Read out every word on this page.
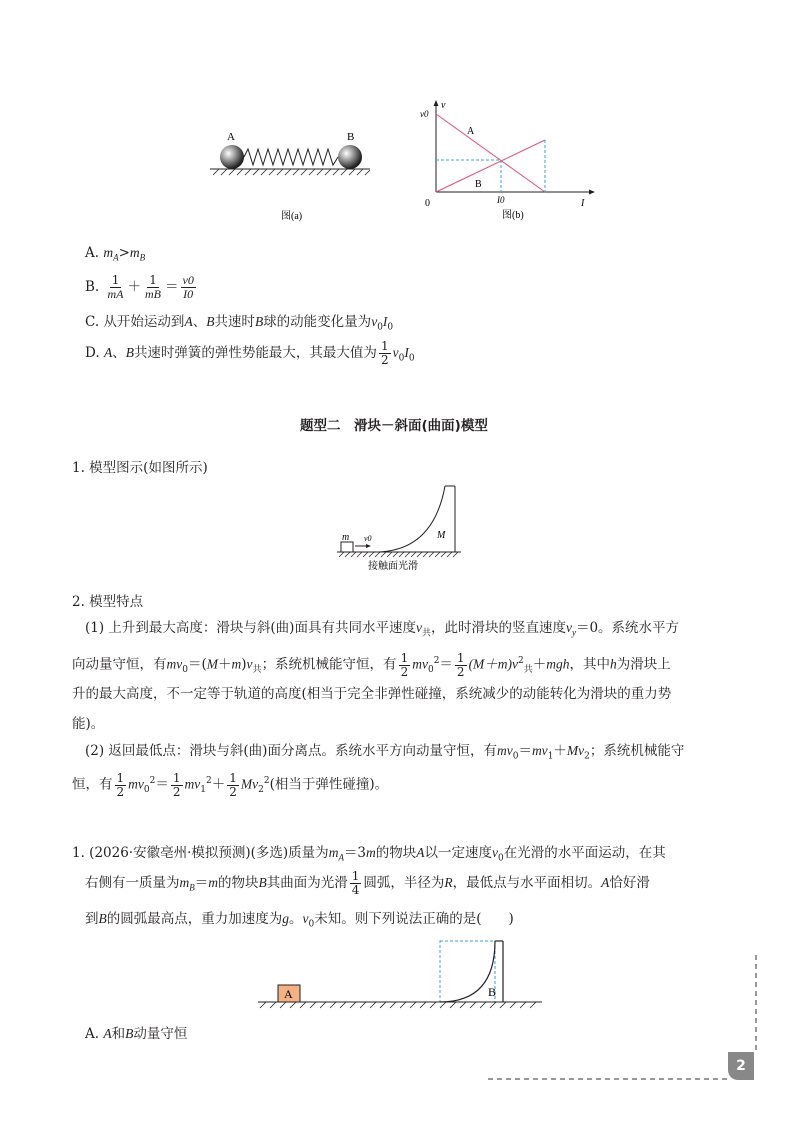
A	B
图(a)
v
v0
A
B
0	I0	I
图(b)
A. $m_A>m_B$
B. $\frac{1}{mA} + \frac{1}{mB} = \frac{v0}{I0}$
C. 从开始运动到A、B共速时B球的动能变化量为$v_0I_0$
D. A、B共速时弹簧的弹性势能最大，其最大值为 $\frac{1}{2} v_0I_0$
题型二　滑块－斜面(曲面)模型
1. 模型图示(如图所示)
m v0	M
接触面光滑
2. 模型特点
(1) 上升到最大高度：滑块与斜(曲)面具有共同水平速度$v_共$，此时滑块的竖直速度$v_y=0$。系统水平方
向动量守恒，有$mv_0=(M+m)v_共$；系统机械能守恒，有 $\frac{1}{2} mv_0^2= \frac{1}{2} (M+m)v^2_共+mgh$，其中h为滑块上
升的最大高度，不一定等于轨道的高度(相当于完全非弹性碰撞，系统减少的动能转化为滑块的重力势
能)。
(2) 返回最低点：滑块与斜(曲)面分离点。系统水平方向动量守恒，有$mv_0=mv_1+Mv_2$；系统机械能守
恒，有 $\frac{1}{2} mv_0^2= \frac{1}{2} mv_1^2+ \frac{1}{2} Mv_2^2$(相当于弹性碰撞)。
1. (2026·安徽亳州·模拟预测)(多选)质量为$m_A=3m$的物块A以一定速度$v_0$在光滑的水平面运动，在其
右侧有一质量为$m_B=m$的物块B其曲面为光滑 $\frac{1}{4}$ 圆弧，半径为R，最低点与水平面相切。A恰好滑
到B的圆弧最高点，重力加速度为g。$v_0$未知。则下列说法正确的是(　　)
A	B
A. A和B动量守恒
2
